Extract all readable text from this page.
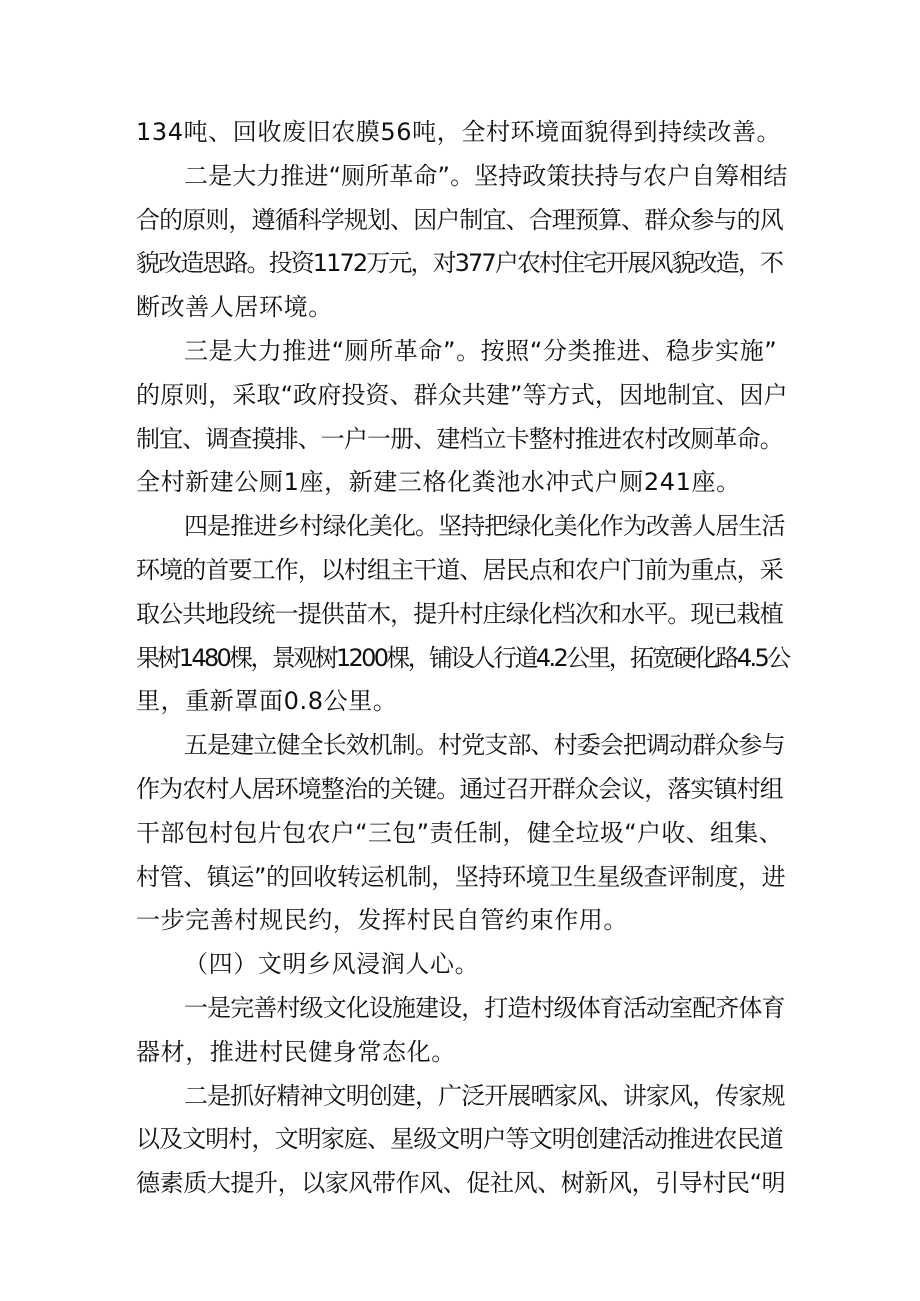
134吨、回收废旧农膜56吨，全村环境面貌得到持续改善。
二是大力推进“厕所革命”。坚持政策扶持与农户自筹相结
合的原则，遵循科学规划、因户制宜、合理预算、群众参与的风
貌改造思路。投资1172万元，对377户农村住宅开展风貌改造，不
断改善人居环境。
三是大力推进“厕所革命”。按照“分类推进、稳步实施”
的原则，采取“政府投资、群众共建”等方式，因地制宜、因户
制宜、调查摸排、一户一册、建档立卡整村推进农村改厕革命。
全村新建公厕1座，新建三格化粪池水冲式户厕241座。
四是推进乡村绿化美化。坚持把绿化美化作为改善人居生活
环境的首要工作，以村组主干道、居民点和农户门前为重点，采
取公共地段统一提供苗木，提升村庄绿化档次和水平。现已栽植
果树1480棵，景观树1200棵，铺设人行道4.2公里，拓宽硬化路4.5公
里，重新罩面0.8公里。
五是建立健全长效机制。村党支部、村委会把调动群众参与
作为农村人居环境整治的关键。通过召开群众会议，落实镇村组
干部包村包片包农户“三包”责任制，健全垃圾“户收、组集、
村管、镇运”的回收转运机制，坚持环境卫生星级查评制度，进
一步完善村规民约，发挥村民自管约束作用。
（四）文明乡风浸润人心。
一是完善村级文化设施建设，打造村级体育活动室配齐体育
器材，推进村民健身常态化。
二是抓好精神文明创建，广泛开展晒家风、讲家风，传家规
以及文明村，文明家庭、星级文明户等文明创建活动推进农民道
德素质大提升，以家风带作风、促社风、树新风，引导村民“明
